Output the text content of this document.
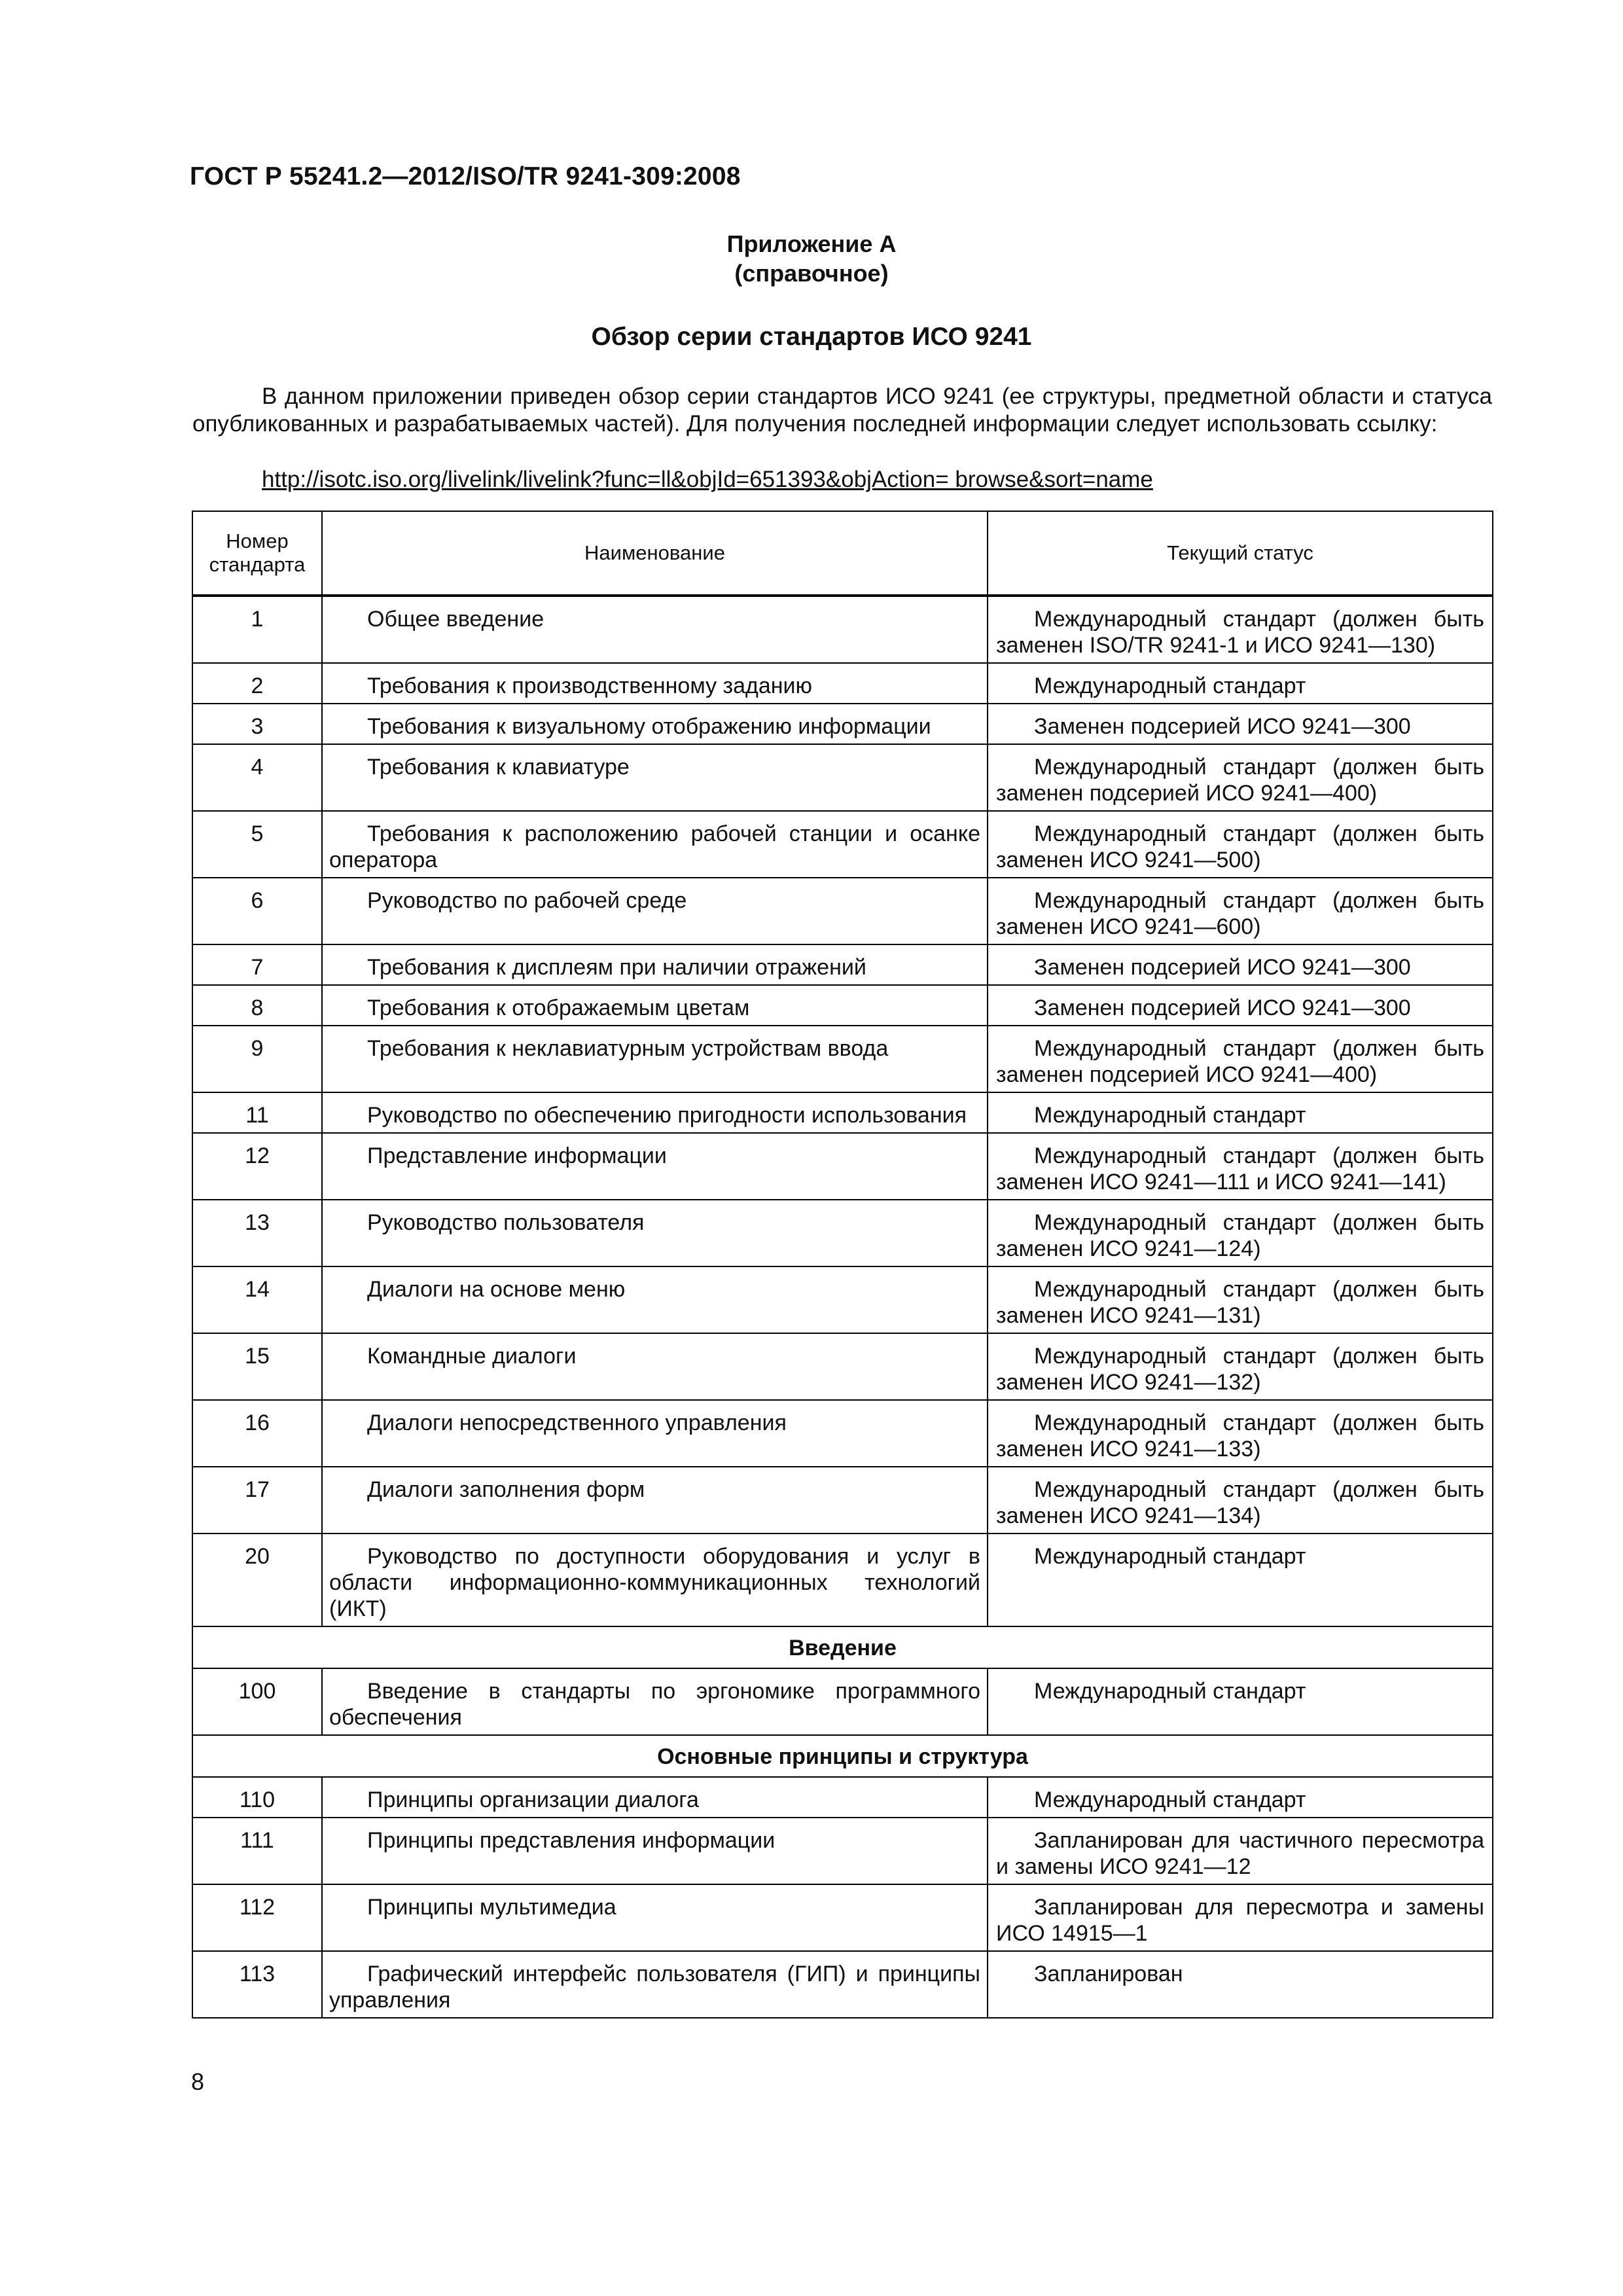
ГОСТ Р 55241.2—2012/ISO/TR 9241-309:2008
Приложение А
(справочное)
Обзор серии стандартов ИСО 9241
В данном приложении приведен обзор серии стандартов ИСО 9241 (ее структуры, предметной области и статуса опубликованных и разрабатываемых частей). Для получения последней информации следует использовать ссылку:
http://isotc.iso.org/livelink/livelink?func=ll&objId=651393&objAction= browse&sort=name
Номер стандарта	Наименование	Текущий статус
1	Общее введение	Международный стандарт (должен быть заменен ISO/TR 9241-1 и ИСО 9241—130)
2	Требования к производственному заданию	Международный стандарт
3	Требования к визуальному отображению информации	Заменен подсерией ИСО 9241—300
4	Требования к клавиатуре	Международный стандарт (должен быть заменен подсерией ИСО 9241—400)
5	Требования к расположению рабочей станции и осанке оператора	Международный стандарт (должен быть заменен ИСО 9241—500)
6	Руководство по рабочей среде	Международный стандарт (должен быть заменен ИСО 9241—600)
7	Требования к дисплеям при наличии отражений	Заменен подсерией ИСО 9241—300
8	Требования к отображаемым цветам	Заменен подсерией ИСО 9241—300
9	Требования к неклавиатурным устройствам ввода	Международный стандарт (должен быть заменен подсерией ИСО 9241—400)
11	Руководство по обеспечению пригодности использования	Международный стандарт
12	Представление информации	Международный стандарт (должен быть заменен ИСО 9241—111 и ИСО 9241—141)
13	Руководство пользователя	Международный стандарт (должен быть заменен ИСО 9241—124)
14	Диалоги на основе меню	Международный стандарт (должен быть заменен ИСО 9241—131)
15	Командные диалоги	Международный стандарт (должен быть заменен ИСО 9241—132)
16	Диалоги непосредственного управления	Международный стандарт (должен быть заменен ИСО 9241—133)
17	Диалоги заполнения форм	Международный стандарт (должен быть заменен ИСО 9241—134)
20	Руководство по доступности оборудования и услуг в области информационно-коммуникационных технологий (ИКТ)	Международный стандарт
Введение		
100	Введение в стандарты по эргономике программного обеспечения	Международный стандарт
Основные принципы и структура		
110	Принципы организации диалога	Международный стандарт
111	Принципы представления информации	Запланирован для частичного пересмотра и замены ИСО 9241—12
112	Принципы мультимедиа	Запланирован для пересмотра и замены ИСО 14915—1
113	Графический интерфейс пользователя (ГИП) и принципы управления	Запланирован
8
